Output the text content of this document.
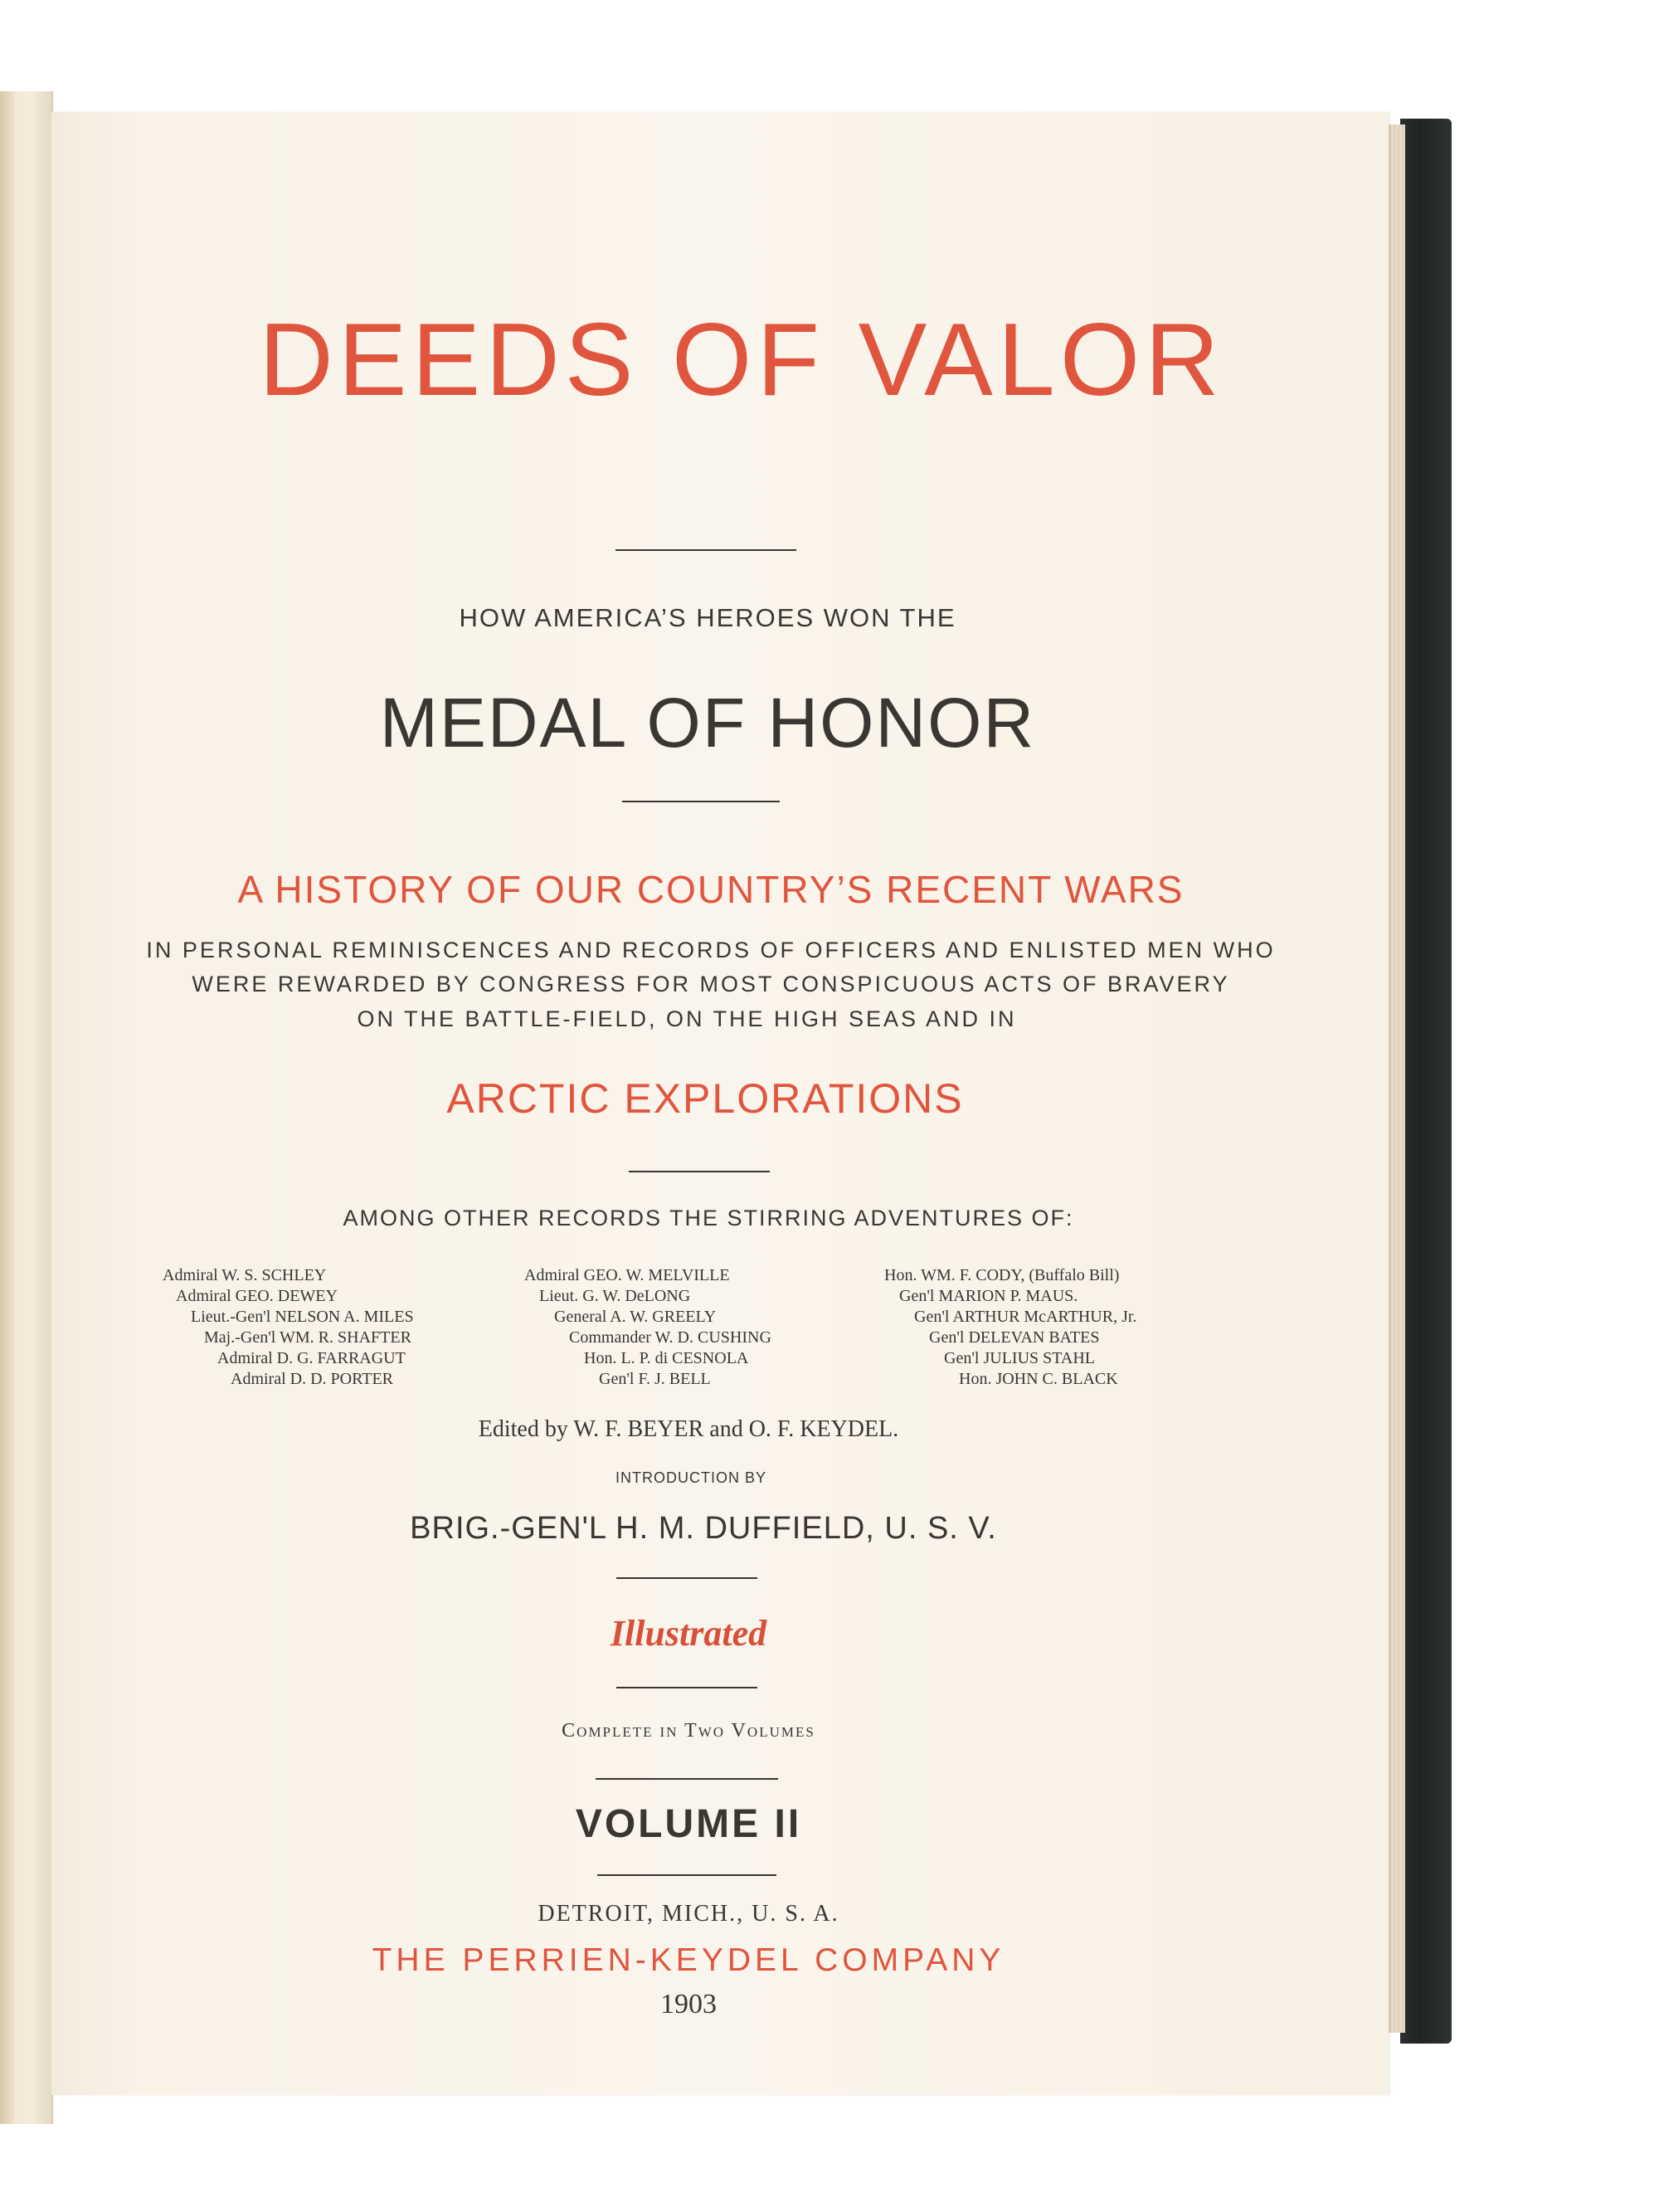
DEEDS OF VALOR
HOW AMERICA’S HEROES WON THE
MEDAL OF HONOR
A HISTORY OF OUR COUNTRY’S RECENT WARS
IN PERSONAL REMINISCENCES AND RECORDS OF OFFICERS AND ENLISTED MEN WHO
WERE REWARDED BY CONGRESS FOR MOST CONSPICUOUS ACTS OF BRAVERY
ON THE BATTLE-FIELD, ON THE HIGH SEAS AND IN
ARCTIC EXPLORATIONS
AMONG OTHER RECORDS THE STIRRING ADVENTURES OF:
Admiral W. S. SCHLEY
Admiral GEO. DEWEY
Lieut.-Gen'l NELSON A. MILES
Maj.-Gen'l WM. R. SHAFTER
Admiral D. G. FARRAGUT
Admiral D. D. PORTER
Admiral GEO. W. MELVILLE
Lieut. G. W. DeLONG
General A. W. GREELY
Commander W. D. CUSHING
Hon. L. P. di CESNOLA
Gen'l F. J. BELL
Hon. WM. F. CODY, (Buffalo Bill)
Gen'l MARION P. MAUS.
Gen'l ARTHUR McARTHUR, Jr.
Gen'l DELEVAN BATES
Gen'l JULIUS STAHL
Hon. JOHN C. BLACK
Edited by W. F. BEYER and O. F. KEYDEL.
INTRODUCTION BY
BRIG.-GEN'L H. M. DUFFIELD, U. S. V.
Illustrated
Complete in Two Volumes
VOLUME II
DETROIT, MICH., U. S. A.
THE PERRIEN-KEYDEL COMPANY
1903
